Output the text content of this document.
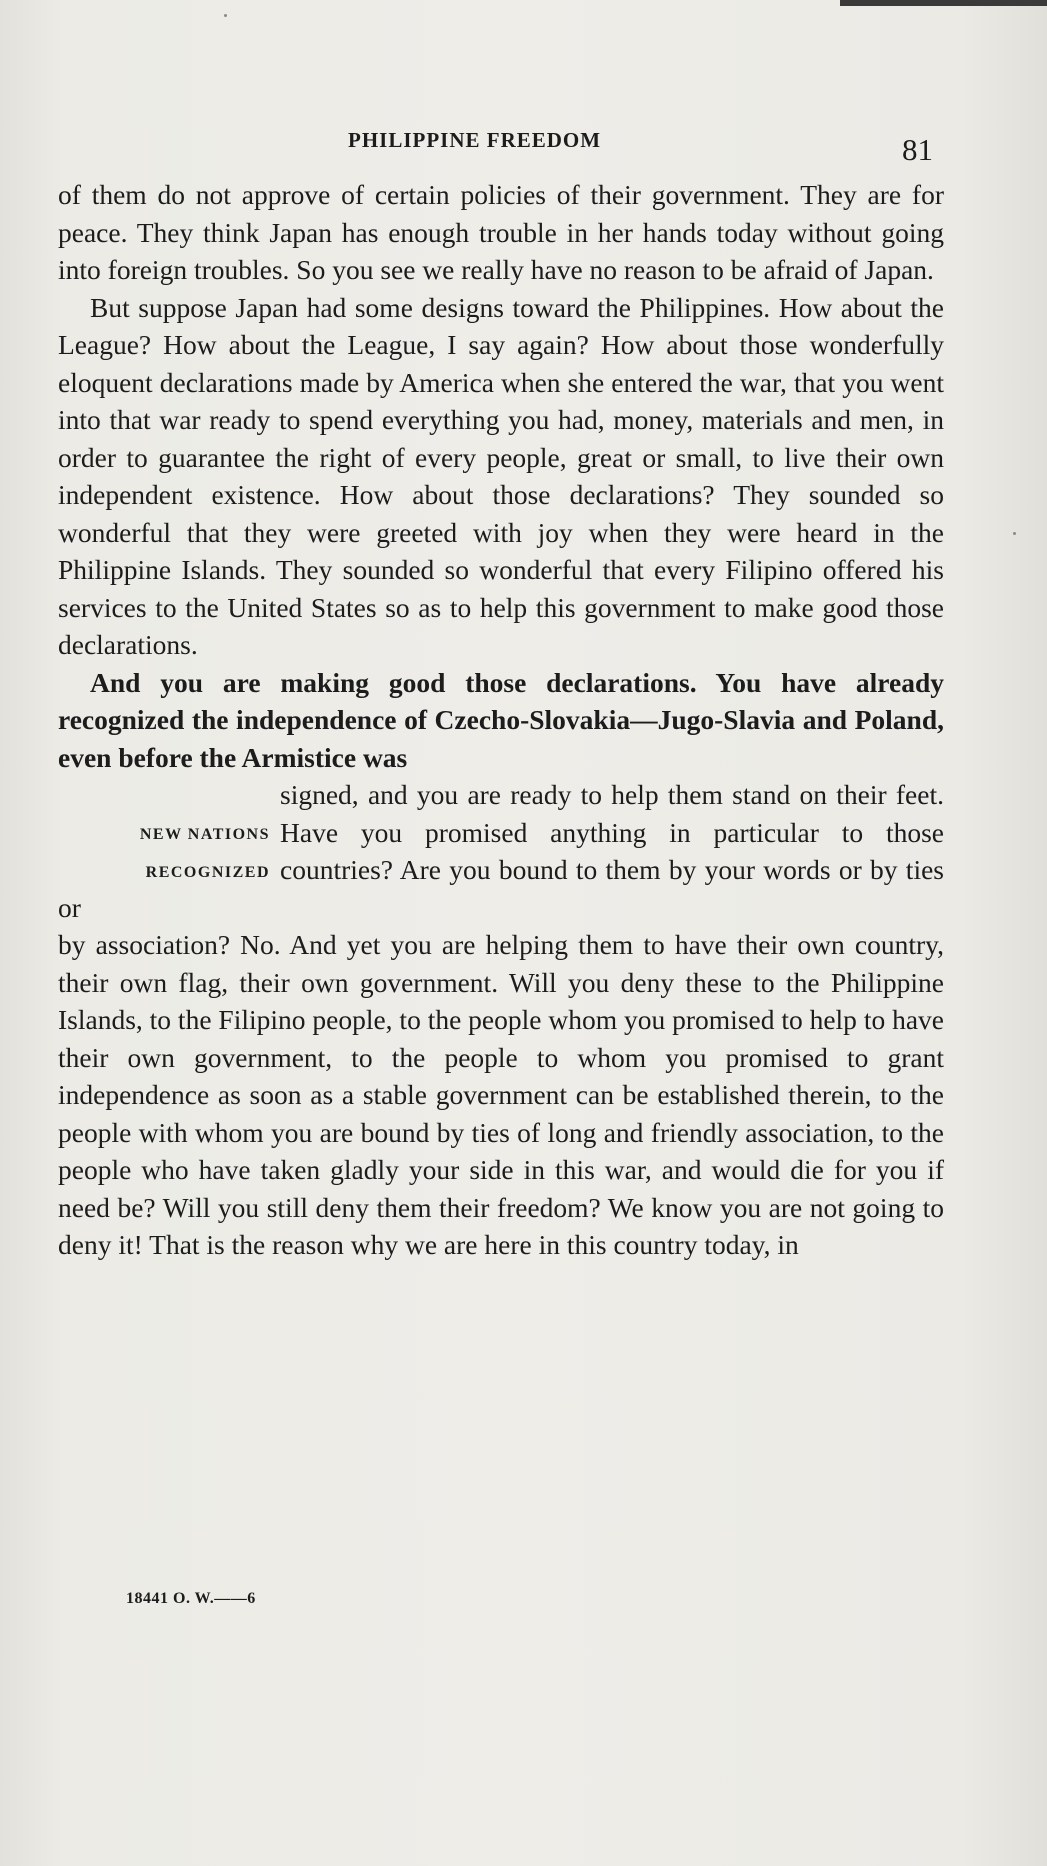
PHILIPPINE FREEDOM	81

of them do not approve of certain policies of their government. They are for peace. They think Japan has enough trouble in her hands today without going into foreign troubles. So you see we really have no reason to be afraid of Japan.

But suppose Japan had some designs toward the Philippines. How about the League? How about the League, I say again? How about those wonderfully eloquent declarations made by America when she entered the war, that you went into that war ready to spend everything you had, money, materials and men, in order to guarantee the right of every people, great or small, to live their own independent existence. How about those declarations? They sounded so wonderful that they were greeted with joy when they were heard in the Philippine Islands. They sounded so wonderful that every Filipino offered his services to the United States so as to help this government to make good those declarations.

And you are making good those declarations. You have already recognized the independence of Czecho-Slovakia—Jugo-Slavia and Poland, even before the Armistice was

NEW NATIONS
RECOGNIZED

signed, and you are ready to help them stand on their feet. Have you promised anything in particular to those countries? Are you bound to them by your words or by ties or

by association? No. And yet you are helping them to have their own country, their own flag, their own government. Will you deny these to the Philippine Islands, to the Filipino people, to the people whom you promised to help to have their own government, to the people to whom you promised to grant independence as soon as a stable government can be established therein, to the people with whom you are bound by ties of long and friendly association, to the people who have taken gladly your side in this war, and would die for you if need be? Will you still deny them their freedom? We know you are not going to deny it! That is the reason why we are here in this country today, in

18441 O. W.——6
